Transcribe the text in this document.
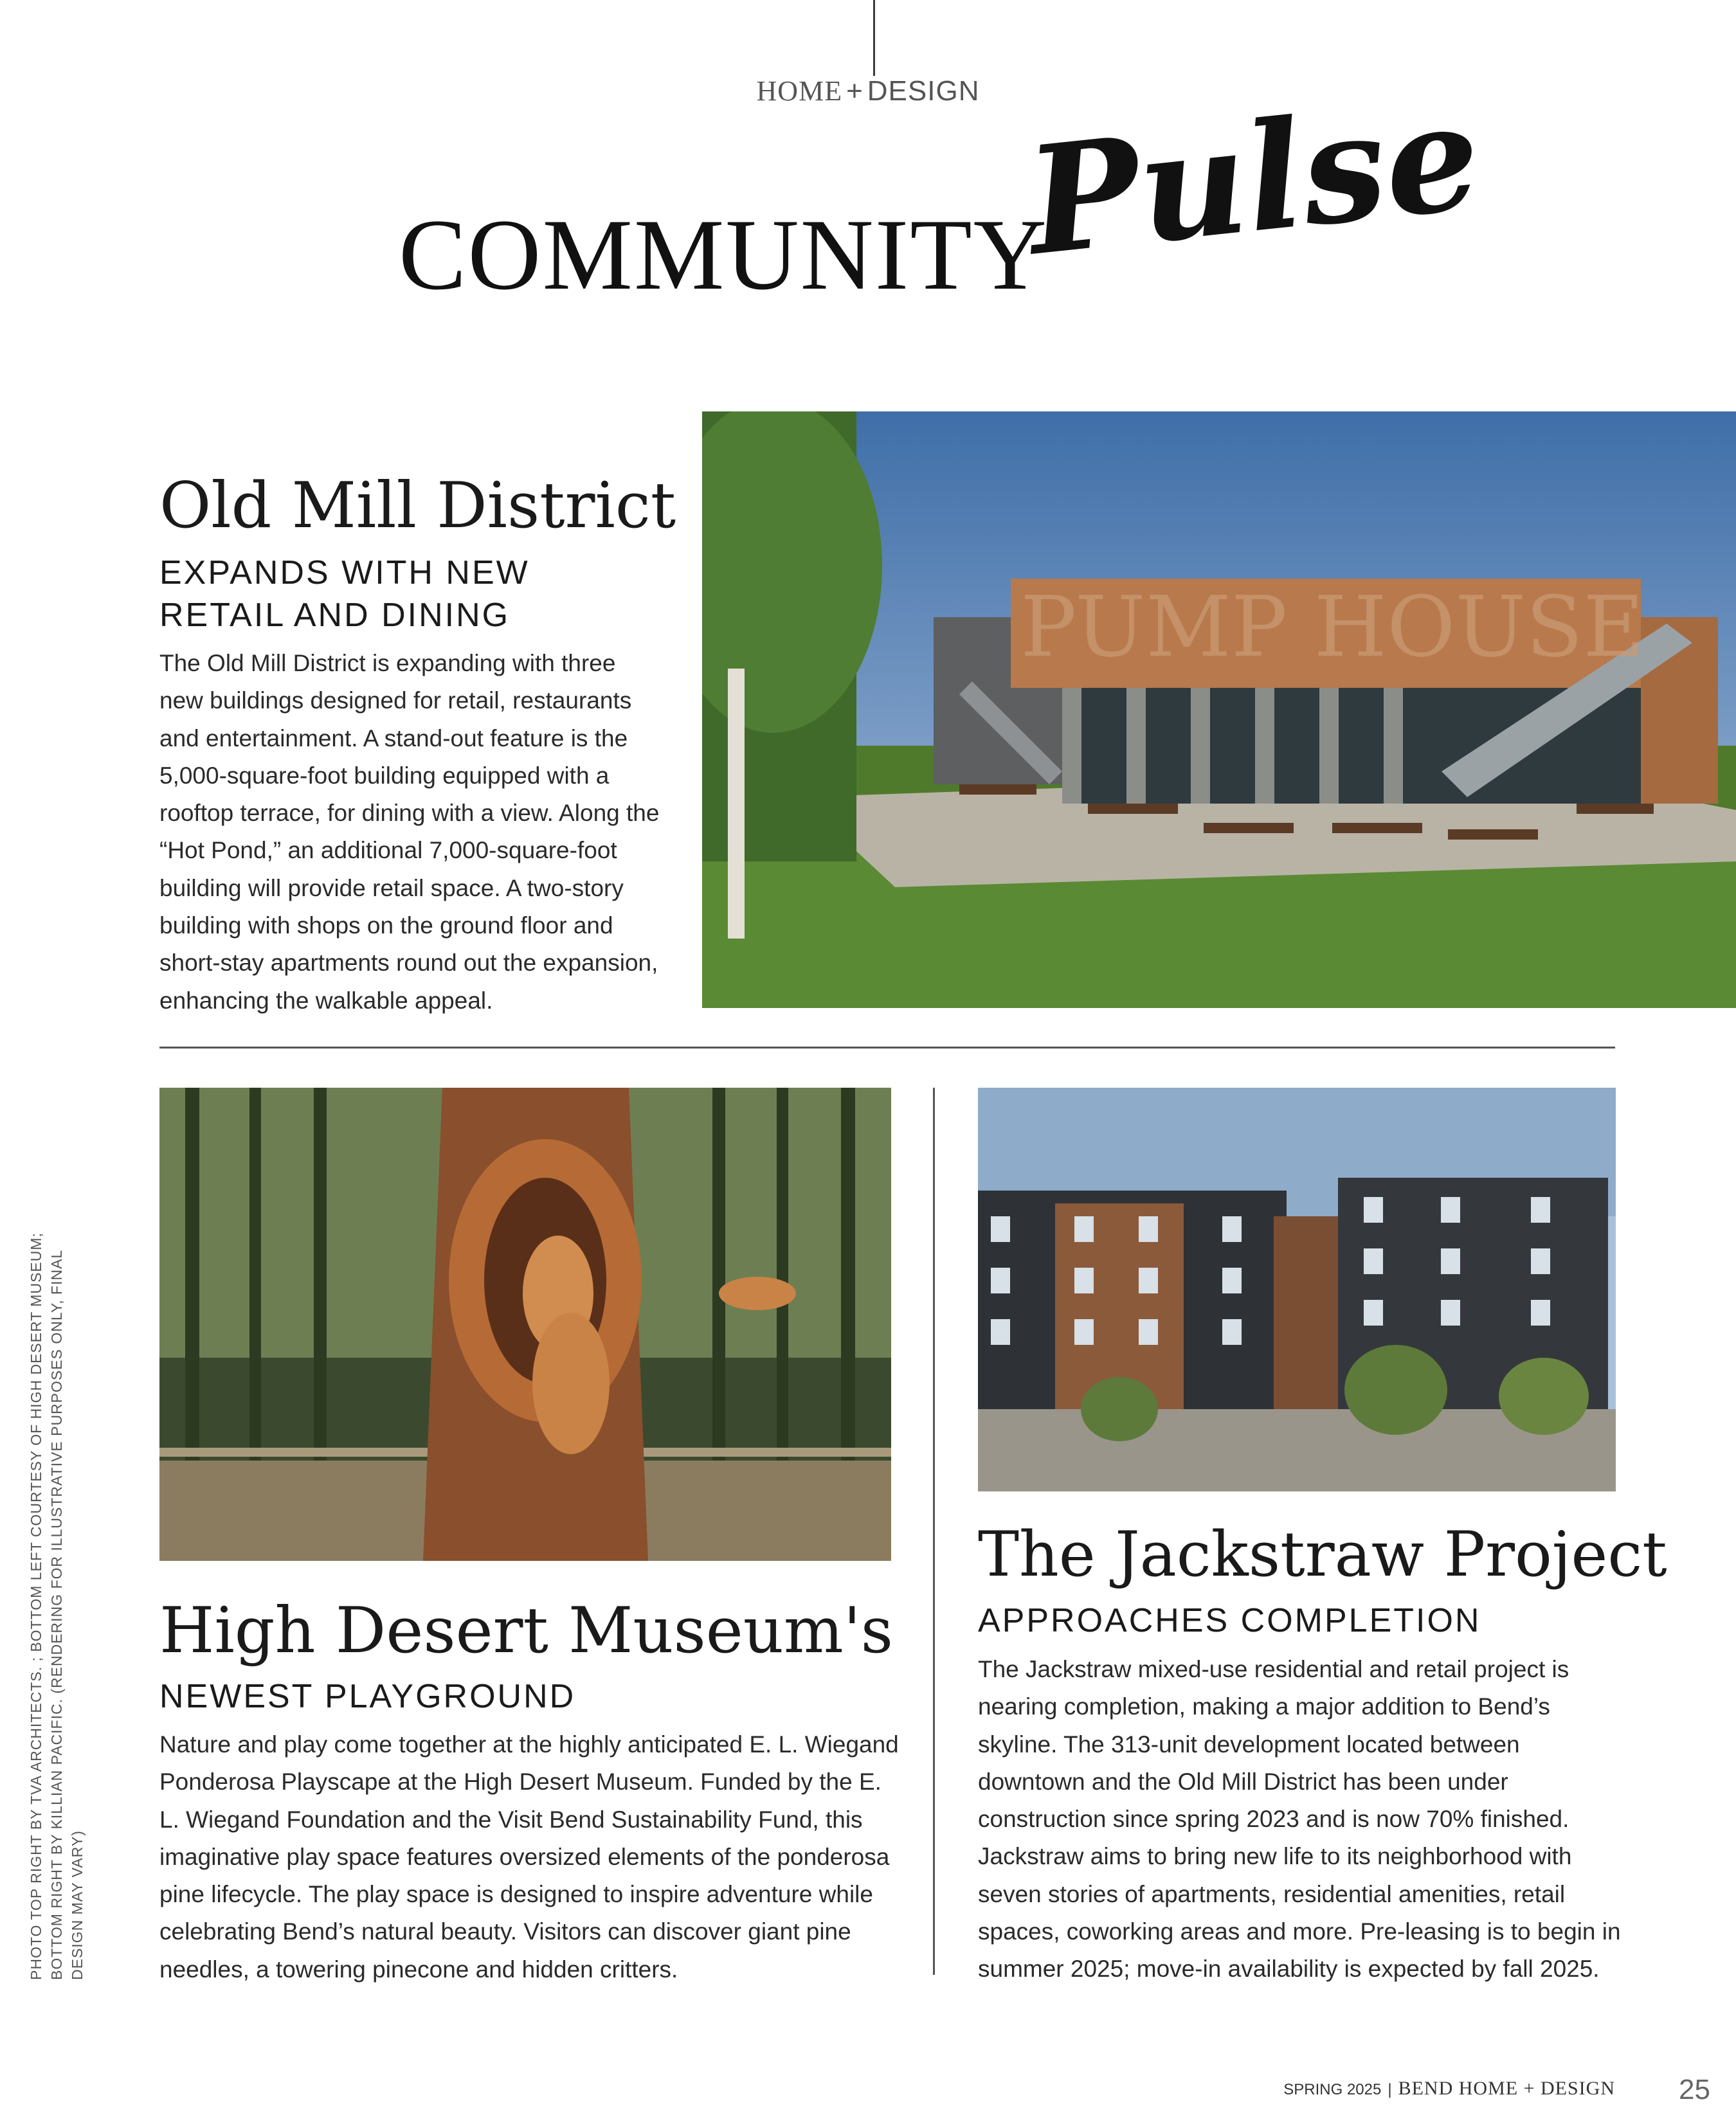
HOME + DESIGN
COMMUNITY
Pulse
Old Mill District
EXPANDS WITH NEW
RETAIL AND DINING
The Old Mill District is expanding with three
new buildings designed for retail, restaurants
and entertainment. A stand-out feature is the
5,000-square-foot building equipped with a
rooftop terrace, for dining with a view. Along the
“Hot Pond,” an additional 7,000-square-foot
building will provide retail space. A two-story
building with shops on the ground floor and
short-stay apartments round out the expansion,
enhancing the walkable appeal.
PUMP HOUSE
High Desert Museum's
NEWEST PLAYGROUND
Nature and play come together at the highly anticipated E. L. Wiegand
Ponderosa Playscape at the High Desert Museum. Funded by the E.
L. Wiegand Foundation and the Visit Bend Sustainability Fund, this
imaginative play space features oversized elements of the ponderosa
pine lifecycle. The play space is designed to inspire adventure while
celebrating Bend’s natural beauty. Visitors can discover giant pine
needles, a towering pinecone and hidden critters.
The Jackstraw Project
APPROACHES COMPLETION
The Jackstraw mixed-use residential and retail project is
nearing completion, making a major addition to Bend’s
skyline. The 313-unit development located between
downtown and the Old Mill District has been under
construction since spring 2023 and is now 70% finished.
Jackstraw aims to bring new life to its neighborhood with
seven stories of apartments, residential amenities, retail
spaces, coworking areas and more. Pre-leasing is to begin in
summer 2025; move-in availability is expected by fall 2025.
PHOTO TOP RIGHT BY TVA ARCHITECTS. ; BOTTOM LEFT COURTESY OF HIGH DESERT MUSEUM; BOTTOM RIGHT BY KILLIAN PACIFIC. (RENDERING FOR ILLUSTRATIVE PURPOSES ONLY, FINAL DESIGN MAY VARY)
SPRING 2025 | BEND HOME + DESIGN 25
